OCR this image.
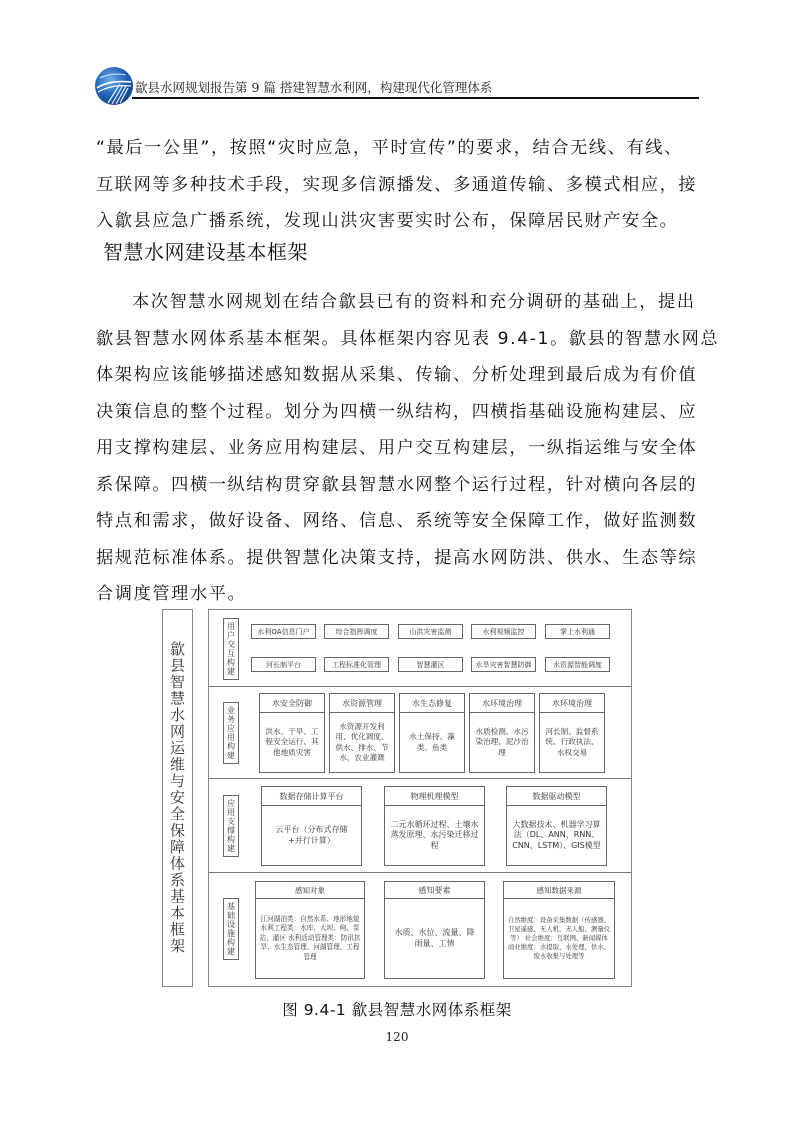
歙县水网规划报告第 9 篇 搭建智慧水利网，构建现代化管理体系

“最后一公里”，按照“灾时应急，平时宣传”的要求，结合无线、有线、

互联网等多种技术手段，实现多信源播发、多通道传输、多模式相应，接

入歙县应急广播系统，发现山洪灾害要实时公布，保障居民财产安全。

智慧水网建设基本框架

本次智慧水网规划在结合歙县已有的资料和充分调研的基础上，提出

歙县智慧水网体系基本框架。具体框架内容见表 9.4-1。歙县的智慧水网总

体架构应该能够描述感知数据从采集、传输、分析处理到最后成为有价值

决策信息的整个过程。划分为四横一纵结构，四横指基础设施构建层、应

用支撑构建层、业务应用构建层、用户交互构建层，一纵指运维与安全体

系保障。四横一纵结构贯穿歙县智慧水网整个运行过程，针对横向各层的

特点和需求，做好设备、网络、信息、系统等安全保障工作，做好监测数

据规范标准体系。提供智慧化决策支持，提高水网防洪、供水、生态等综

合调度管理水平。

歙县智慧水网运维与安全保障体系基本框架	用户交互构建	水利OA信息门户	综合指挥调度	山洪灾害监测	水利视频监控	掌上水利通
河长制平台	工程标准化管理	智慧灌区	水旱灾害智慧防御	水资源智能调度
业务应用构建
水安全防御
洪水、干旱、工程安全运行、其他地质灾害
水资源管理
水资源开发利用、优化调度、供水、排水、节水、农业灌溉
水生态修复
水土保持、藻类、鱼类
水环境治理
水质检测、水污染治理、泥沙治理
水环境治理
河长制、监督系统、行政执法、水权交易
应用支撑构建
数据存储计算平台
云平台（分布式存储+并行计算）
物理机理模型
二元水循环过程、土壤水蒸发原理、水污染迁移过程
数据驱动模型
大数据技术、机器学习算法（DL、ANN、RNN、CNN、LSTM）、GIS模型
基础设施构建
感知对象
江河湖泊类：自然水系、地形地貌 水利工程类：水库、大坝、闸、泵站、灌区 水利活动管理类：防汛抗旱、水生态管理、河湖管理、工程管理
感知要素
水质、水位、流量、降雨量、工情
感知数据来源
自然维度：设备采集数据（传感器、卫星遥感、无人机、无人船、测量仪等） 社会维度：互联网、新闻媒体 商业维度：水提取、水处理、供水、废水收集与处理等
图 9.4-1 歙县智慧水网体系框架
120
